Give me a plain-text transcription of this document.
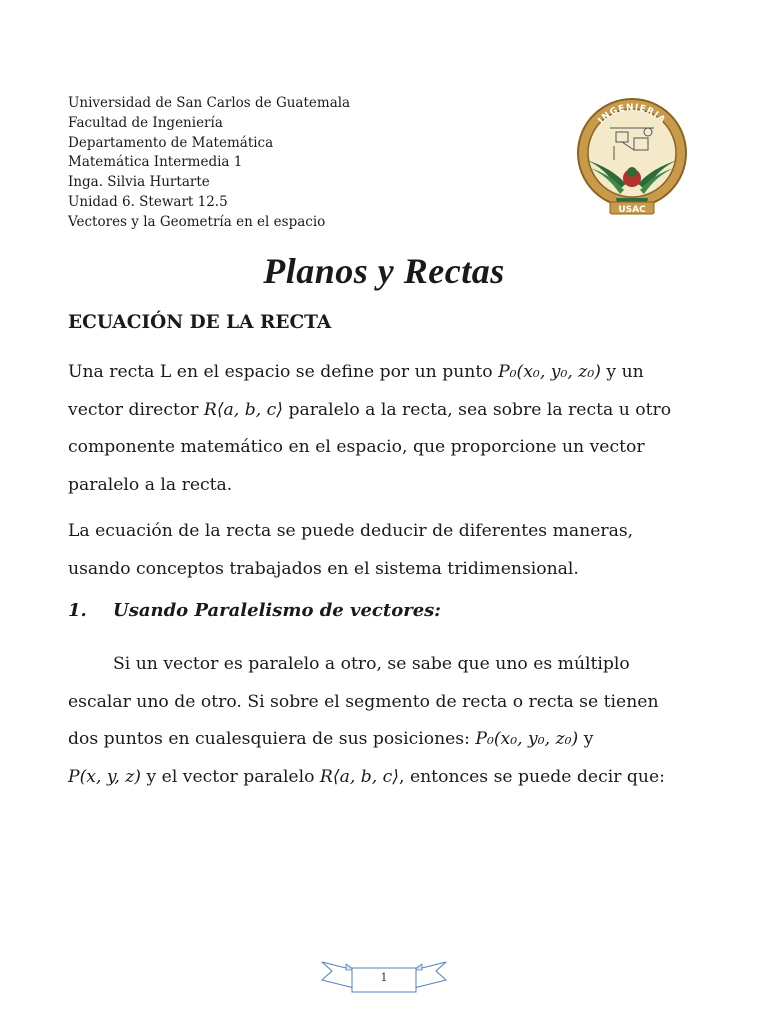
Universidad de San Carlos de Guatemala
Facultad de Ingeniería
Departamento de Matemática
Matemática Intermedia 1
Inga. Silvia Hurtarte
Unidad 6. Stewart 12.5
Vectores y la Geometría en el espacio
INGENIERIA
USAC
Planos y Rectas
ECUACIÓN DE LA RECTA
Una recta L en el espacio se define por un punto P₀(x₀, y₀, z₀) y un
vector director R⟨a, b, c⟩ paralelo a la recta, sea sobre la recta u otro
componente matemático en el espacio, que proporcione un vector
paralelo a la recta.
La ecuación de la recta se puede deducir de diferentes maneras,
usando conceptos trabajados en el sistema tridimensional.
1. Usando Paralelismo de vectores:
Si un vector es paralelo a otro, se sabe que uno es múltiplo
escalar uno de otro. Si sobre el segmento de recta o recta se tienen
dos puntos en cualesquiera de sus posiciones: P₀(x₀, y₀, z₀) y
P(x, y, z) y el vector paralelo R⟨a, b, c⟩, entonces se puede decir que:
1
